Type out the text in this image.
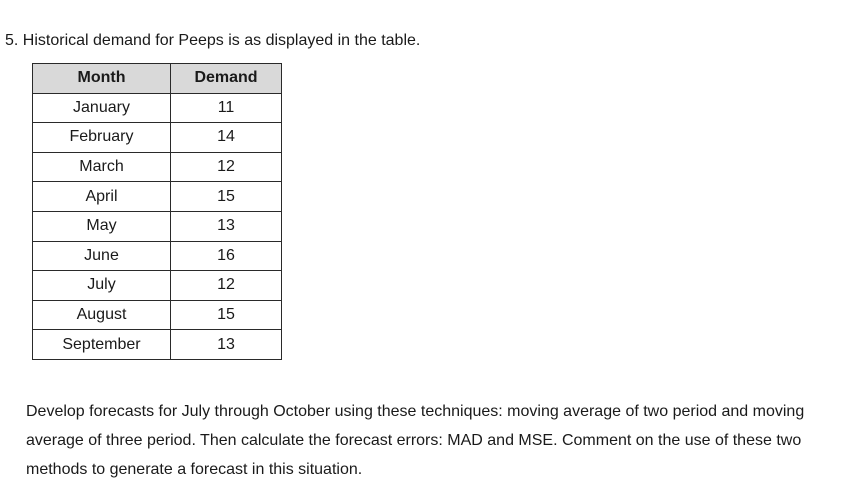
5. Historical demand for Peeps is as displayed in the table.
Month	Demand
January	11
February	14
March	12
April	15
May	13
June	16
July	12
August	15
September	13

Develop forecasts for July through October using these techniques: moving average of two period and moving average of three period. Then calculate the forecast errors: MAD and MSE. Comment on the use of these two methods to generate a forecast in this situation.
